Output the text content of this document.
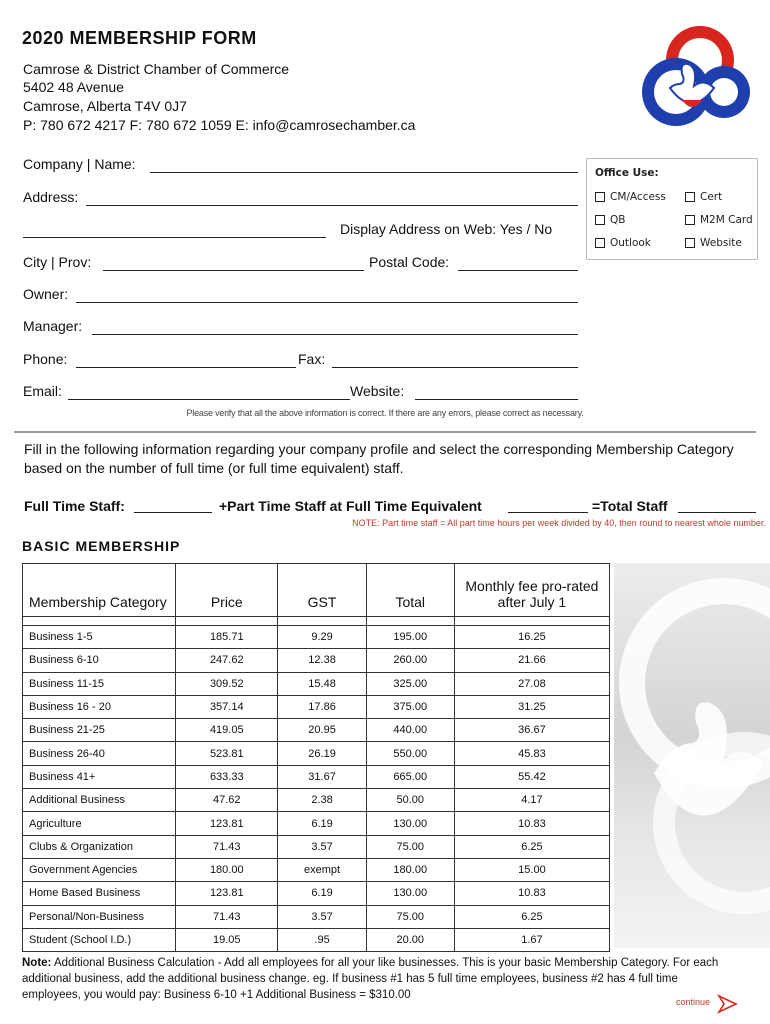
2020 MEMBERSHIP FORM
Camrose & District Chamber of Commerce
5402 48 Avenue
Camrose, Alberta T4V 0J7
P: 780 672 4217 F: 780 672 1059 E: info@camrosechamber.ca
Company | Name:
Address:
Display Address on Web: Yes / No
City | Prov:	Postal Code:
Owner:
Manager:
Phone:	Fax:
Email:	Website:
Office Use:
CM/Access	Cert
QB	M2M Card
Outlook	Website
Please verify that all the above information is correct. If there are any errors, please correct as necessary.
Fill in the following information regarding your company profile and select the corresponding Membership Category based on the number of full time (or full time equivalent) staff.
Full Time Staff:	+Part Time Staff at Full Time Equivalent	=Total Staff
NOTE: Part time staff = All part time hours per week divided by 40, then round to nearest whole number.
BASIC MEMBERSHIP
Membership Category	Price	GST	Total	Monthly fee pro-rated after July 1

Business 1-5	185.71	9.29	195.00	16.25
Business 6-10	247.62	12.38	260.00	21.66
Business 11-15	309.52	15.48	325.00	27.08
Business 16 - 20	357.14	17.86	375.00	31.25
Business 21-25	419.05	20.95	440.00	36.67
Business 26-40	523.81	26.19	550.00	45.83
Business 41+	633.33	31.67	665.00	55.42
Additional Business	47.62	2.38	50.00	4.17
Agriculture	123.81	6.19	130.00	10.83
Clubs & Organization	71.43	3.57	75.00	6.25
Government Agencies	180.00	exempt	180.00	15.00
Home Based Business	123.81	6.19	130.00	10.83
Personal/Non-Business	71.43	3.57	75.00	6.25
Student (School I.D.)	19.05	.95	20.00	1.67
Note: Additional Business Calculation - Add all employees for all your like businesses. This is your basic Membership Category. For each additional business, add the additional business change. eg. If business #1 has 5 full time employees, business #2 has 4 full time employees, you would pay: Business 6-10 +1 Additional Business = $310.00
continue
